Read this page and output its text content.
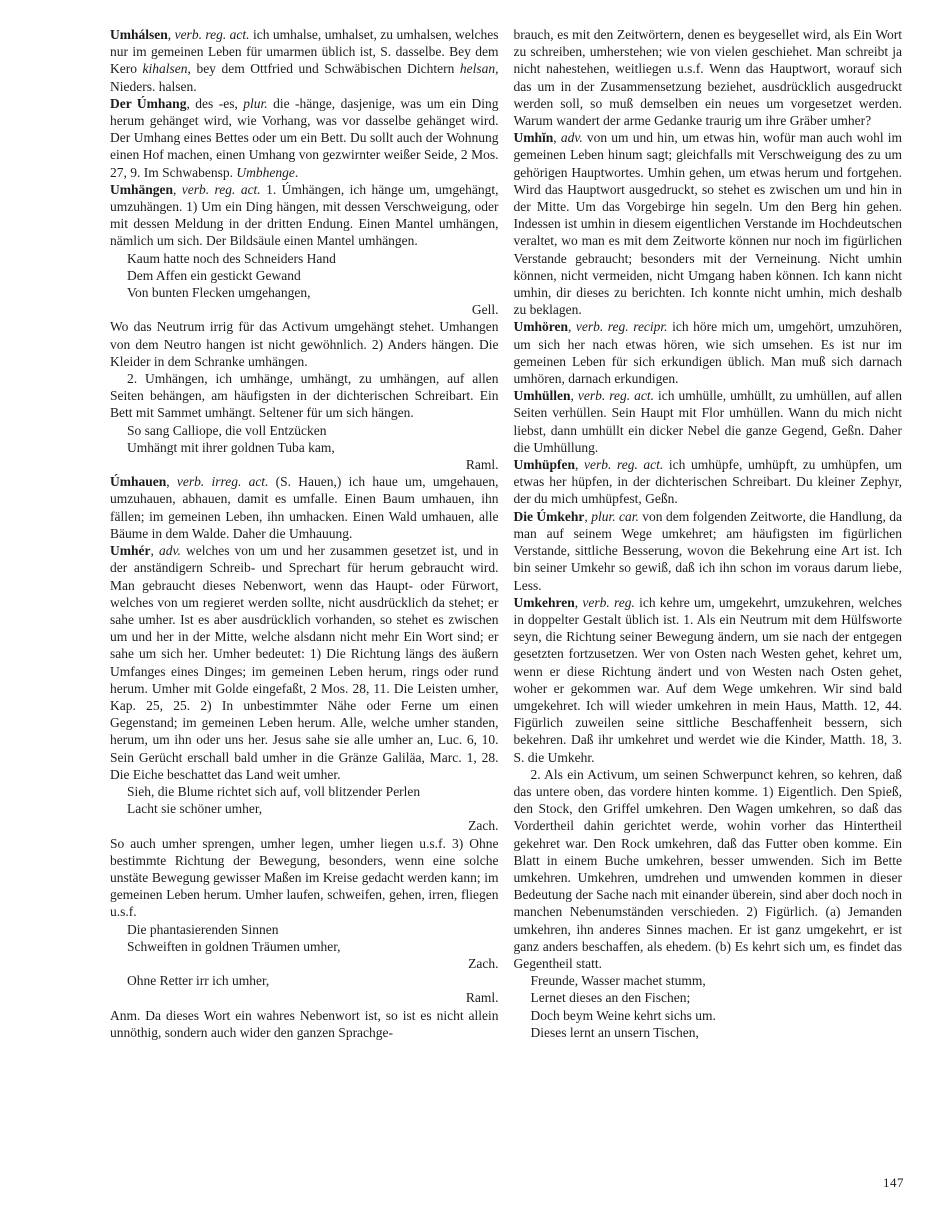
Umhálsen, verb. reg. act. ich umhalse, umhalset, zu umhalsen, welches nur im gemeinen Leben für umarmen üblich ist, S. dasselbe. Bey dem Kero kihalsen, bey dem Ottfried und Schwäbischen Dichtern helsan, Nieders. halsen.

Der Úmhang, des -es, plur. die -hänge, dasjenige, was um ein Ding herum gehänget wird, wie Vorhang, was vor dasselbe gehänget wird. Der Umhang eines Bettes oder um ein Bett. Du sollt auch der Wohnung einen Hof machen, einen Umhang von gezwirnter weißer Seide, 2 Mos. 27, 9. Im Schwabensp. Umbhenge.

Umhängen, verb. reg. act. 1. Úmhängen, ich hänge um, umgehängt, umzuhängen. 1) Um ein Ding hängen, mit dessen Verschweigung, oder mit dessen Meldung in der dritten Endung. Einen Mantel umhängen, nämlich um sich. Der Bildsäule einen Mantel umhängen.

Kaum hatte noch des Schneiders Hand
Dem Affen ein gestickt Gewand
Von bunten Flecken umgehangen,

Gell.

Wo das Neutrum irrig für das Activum umgehängt stehet. Umhangen von dem Neutro hangen ist nicht gewöhnlich. 2) Anders hängen. Die Kleider in dem Schranke umhängen.

2. Umhängen, ich umhänge, umhängt, zu umhängen, auf allen Seiten behängen, am häufigsten in der dichterischen Schreibart. Ein Bett mit Sammet umhängt. Seltener für um sich hängen.

So sang Calliope, die voll Entzücken
Umhängt mit ihrer goldnen Tuba kam,

Raml.

Úmhauen, verb. irreg. act. (S. Hauen,) ich haue um, umgehauen, umzuhauen, abhauen, damit es umfalle. Einen Baum umhauen, ihn fällen; im gemeinen Leben, ihn umhacken. Einen Wald umhauen, alle Bäume in dem Walde. Daher die Umhauung.

Umhér, adv. welches von um und her zusammen gesetzet ist, und in der anständigern Schreib- und Sprechart für herum gebraucht wird. Man gebraucht dieses Nebenwort, wenn das Haupt- oder Fürwort, welches von um regieret werden sollte, nicht ausdrücklich da stehet; er sahe umher. Ist es aber ausdrücklich vorhanden, so stehet es zwischen um und her in der Mitte, welche alsdann nicht mehr Ein Wort sind; er sahe um sich her. Umher bedeutet: 1) Die Richtung längs des äußern Umfanges eines Dinges; im gemeinen Leben herum, rings oder rund herum. Umher mit Golde eingefaßt, 2 Mos. 28, 11. Die Leisten umher, Kap. 25, 25. 2) In unbestimmter Nähe oder Ferne um einen Gegenstand; im gemeinen Leben herum. Alle, welche umher standen, herum, um ihn oder uns her. Jesus sahe sie alle umher an, Luc. 6, 10. Sein Gerücht erschall bald umher in die Gränze Galiläa, Marc. 1, 28. Die Eiche beschattet das Land weit umher.

Sieh, die Blume richtet sich auf, voll blitzender Perlen
Lacht sie schöner umher,

Zach.

So auch umher sprengen, umher legen, umher liegen u.s.f. 3) Ohne bestimmte Richtung der Bewegung, besonders, wenn eine solche unstäte Bewegung gewisser Maßen im Kreise gedacht werden kann; im gemeinen Leben herum. Umher laufen, schweifen, gehen, irren, fliegen u.s.f.

Die phantasierenden Sinnen
Schweiften in goldnen Träumen umher,

Zach.

Ohne Retter irr ich umher,

Raml.

Anm. Da dieses Wort ein wahres Nebenwort ist, so ist es nicht allein unnöthig, sondern auch wider den ganzen Sprachge-

brauch, es mit den Zeitwörtern, denen es beygesellet wird, als Ein Wort zu schreiben, umherstehen; wie von vielen geschiehet. Man schreibt ja nicht nahestehen, weitliegen u.s.f. Wenn das Hauptwort, worauf sich das um in der Zusammensetzung beziehet, ausdrücklich ausgedruckt werden soll, so muß demselben ein neues um vorgesetzet werden. Warum wandert der arme Gedanke traurig um ihre Gräber umher?

Umhĭn, adv. von um und hin, um etwas hin, wofür man auch wohl im gemeinen Leben hinum sagt; gleichfalls mit Verschweigung des zu um gehörigen Hauptwortes. Umhin gehen, um etwas herum und fortgehen. Wird das Hauptwort ausgedruckt, so stehet es zwischen um und hin in der Mitte. Um das Vorgebirge hin segeln. Um den Berg hin gehen. Indessen ist umhin in diesem eigentlichen Verstande im Hochdeutschen veraltet, wo man es mit dem Zeitworte können nur noch im figürlichen Verstande gebraucht; besonders mit der Verneinung. Nicht umhin können, nicht vermeiden, nicht Umgang haben können. Ich kann nicht umhin, dir dieses zu berichten. Ich konnte nicht umhin, mich deshalb zu beklagen.

Umhören, verb. reg. recipr. ich höre mich um, umgehört, umzuhören, um sich her nach etwas hören, wie sich umsehen. Es ist nur im gemeinen Leben für sich erkundigen üblich. Man muß sich darnach umhören, darnach erkundigen.

Umhüllen, verb. reg. act. ich umhülle, umhüllt, zu umhüllen, auf allen Seiten verhüllen. Sein Haupt mit Flor umhüllen. Wann du mich nicht liebst, dann umhüllt ein dicker Nebel die ganze Gegend, Geßn. Daher die Umhüllung.

Umhüpfen, verb. reg. act. ich umhüpfe, umhüpft, zu umhüpfen, um etwas her hüpfen, in der dichterischen Schreibart. Du kleiner Zephyr, der du mich umhüpfest, Geßn.

Die Úmkehr, plur. car. von dem folgenden Zeitworte, die Handlung, da man auf seinem Wege umkehret; am häufigsten im figürlichen Verstande, sittliche Besserung, wovon die Bekehrung eine Art ist. Ich bin seiner Umkehr so gewiß, daß ich ihn schon im voraus darum liebe, Less.

Umkehren, verb. reg. ich kehre um, umgekehrt, umzukehren, welches in doppelter Gestalt üblich ist. 1. Als ein Neutrum mit dem Hülfsworte seyn, die Richtung seiner Bewegung ändern, um sie nach der entgegen gesetzten fortzusetzen. Wer von Osten nach Westen gehet, kehret um, wenn er diese Richtung ändert und von Westen nach Osten gehet, woher er gekommen war. Auf dem Wege umkehren. Wir sind bald umgekehret. Ich will wieder umkehren in mein Haus, Matth. 12, 44. Figürlich zuweilen seine sittliche Beschaffenheit bessern, sich bekehren. Daß ihr umkehret und werdet wie die Kinder, Matth. 18, 3. S. die Umkehr.

2. Als ein Activum, um seinen Schwerpunct kehren, so kehren, daß das untere oben, das vordere hinten komme. 1) Eigentlich. Den Spieß, den Stock, den Griffel umkehren. Den Wagen umkehren, so daß das Vordertheil dahin gerichtet werde, wohin vorher das Hintertheil gekehret war. Den Rock umkehren, daß das Futter oben komme. Ein Blatt in einem Buche umkehren, besser umwenden. Sich im Bette umkehren. Umkehren, umdrehen und umwenden kommen in dieser Bedeutung der Sache nach mit einander überein, sind aber doch noch in manchen Nebenumständen verschieden. 2) Figürlich. (a) Jemanden umkehren, ihn anderes Sinnes machen. Er ist ganz umgekehrt, er ist ganz anders beschaffen, als ehedem. (b) Es kehrt sich um, es findet das Gegentheil statt.

Freunde, Wasser machet stumm,
Lernet dieses an den Fischen;
Doch beym Weine kehrt sichs um.
Dieses lernt an unsern Tischen,
147
